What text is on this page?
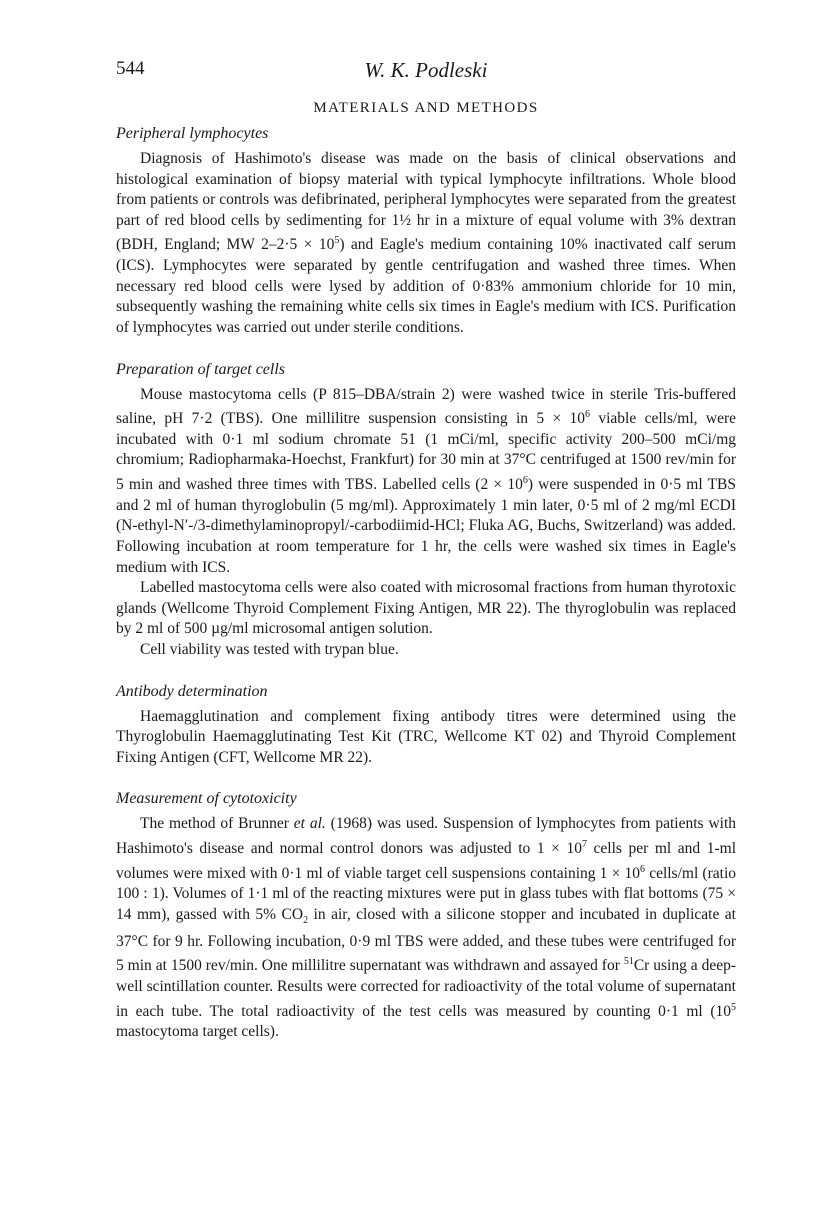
544	W. K. Podleski
MATERIALS AND METHODS
Peripheral lymphocytes

Diagnosis of Hashimoto's disease was made on the basis of clinical observations and histological examination of biopsy material with typical lymphocyte infiltrations. Whole blood from patients or controls was defibrinated, peripheral lymphocytes were separated from the greatest part of red blood cells by sedimenting for 1½ hr in a mixture of equal volume with 3% dextran (BDH, England; MW $2-2\cdot 5 \times 10^5$) and Eagle's medium containing 10% inactivated calf serum (ICS). Lymphocytes were separated by gentle centrifugation and washed three times. When necessary red blood cells were lysed by addition of 0·83% ammonium chloride for 10 min, subsequently washing the remaining white cells six times in Eagle's medium with ICS. Purification of lymphocytes was carried out under sterile conditions.

Preparation of target cells

Mouse mastocytoma cells (P 815–DBA/strain 2) were washed twice in sterile Tris-buffered saline, pH 7·2 (TBS). One millilitre suspension consisting in $5 \times 10^6$ viable cells/ml, were incubated with 0·1 ml sodium chromate 51 (1 mCi/ml, specific activity 200–500 mCi/mg chromium; Radiopharmaka-Hoechst, Frankfurt) for 30 min at 37°C centrifuged at 1500 rev/min for 5 min and washed three times with TBS. Labelled cells $(2 \times 10^6)$ were suspended in 0·5 ml TBS and 2 ml of human thyroglobulin (5 mg/ml). Approximately 1 min later, 0·5 ml of 2 mg/ml ECDI (N-ethyl-N′-/3-dimethylaminopropyl/-carbodiimid-HCl; Fluka AG, Buchs, Switzerland) was added. Following incubation at room temperature for 1 hr, the cells were washed six times in Eagle's medium with ICS.

Labelled mastocytoma cells were also coated with microsomal fractions from human thyrotoxic glands (Wellcome Thyroid Complement Fixing Antigen, MR 22). The thyroglobulin was replaced by 2 ml of 500 µg/ml microsomal antigen solution.

Cell viability was tested with trypan blue.

Antibody determination

Haemagglutination and complement fixing antibody titres were determined using the Thyroglobulin Haemagglutinating Test Kit (TRC, Wellcome KT 02) and Thyroid Complement Fixing Antigen (CFT, Wellcome MR 22).

Measurement of cytotoxicity

The method of Brunner et al. (1968) was used. Suspension of lymphocytes from patients with Hashimoto's disease and normal control donors was adjusted to $1 \times 10^7$ cells per ml and 1-ml volumes were mixed with 0·1 ml of viable target cell suspensions containing $1 \times 10^6$ cells/ml (ratio 100 : 1). Volumes of 1·1 ml of the reacting mixtures were put in glass tubes with flat bottoms (75 × 14 mm), gassed with 5% $CO_2$ in air, closed with a silicone stopper and incubated in duplicate at 37°C for 9 hr. Following incubation, 0·9 ml TBS were added, and these tubes were centrifuged for 5 min at 1500 rev/min. One millilitre supernatant was withdrawn and assayed for $^{51}$Cr using a deep-well scintillation counter. Results were corrected for radioactivity of the total volume of supernatant in each tube. The total radioactivity of the test cells was measured by counting 0·1 ml ($10^5$ mastocytoma target cells).
